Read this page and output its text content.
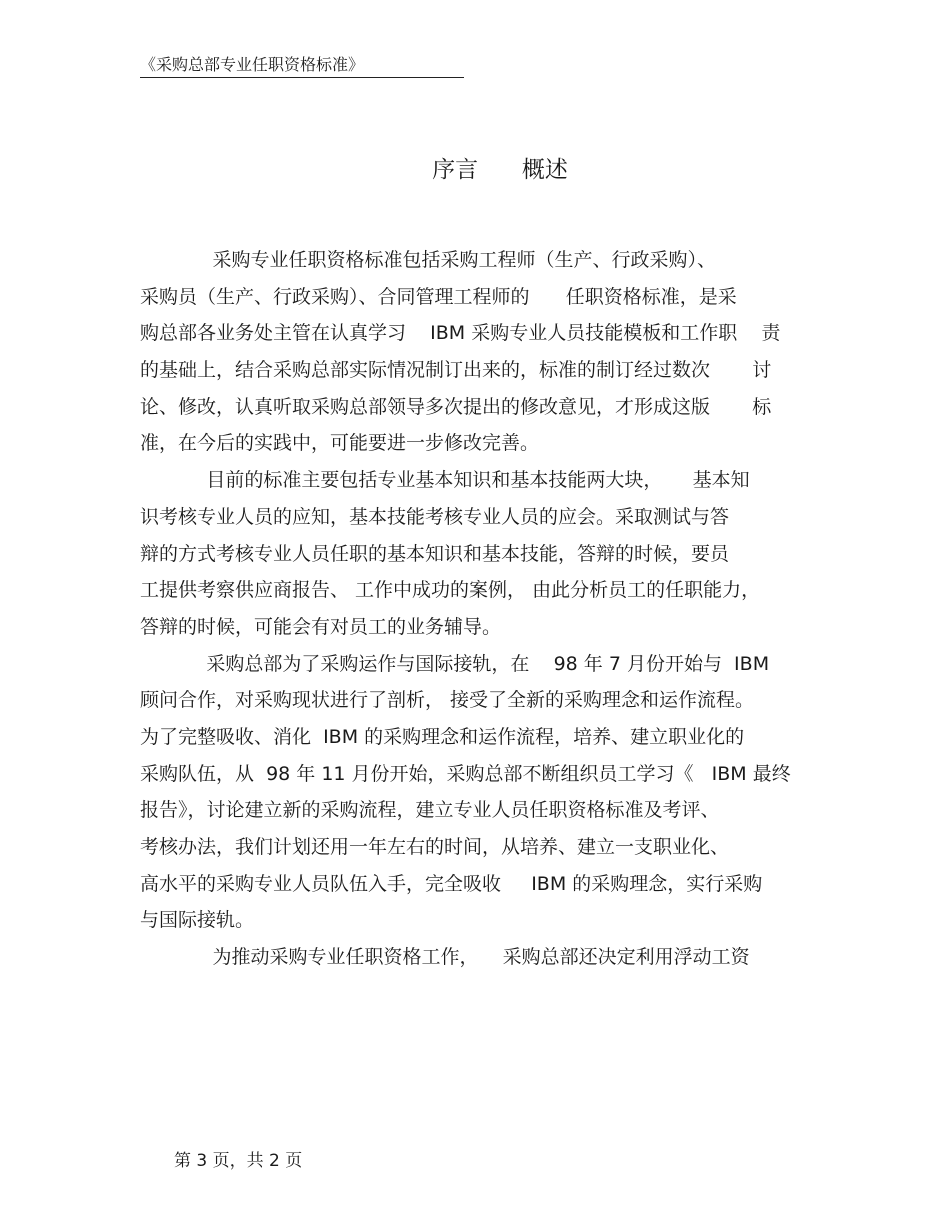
《采购总部专业任职资格标准》
序言      概述
采购专业任职资格标准包括采购工程师（生产、行政采购）、
采购员（生产、行政采购）、合同管理工程师的      任职资格标准，是采
购总部各业务处主管在认真学习    IBM 采购专业人员技能模板和工作职    责
的基础上，结合采购总部实际情况制订出来的，标准的制订经过数次       讨
论、修改，认真听取采购总部领导多次提出的修改意见，才形成这版       标
准，在今后的实践中，可能要进一步修改完善。
目前的标准主要包括专业基本知识和基本技能两大块，     基本知
识考核专业人员的应知，基本技能考核专业人员的应会。采取测试与答
辩的方式考核专业人员任职的基本知识和基本技能，答辩的时候，要员
工提供考察供应商报告、 工作中成功的案例， 由此分析员工的任职能力，
答辩的时候，可能会有对员工的业务辅导。
采购总部为了采购运作与国际接轨，在    98 年 7 月份开始与  IBM
顾问合作，对采购现状进行了剖析， 接受了全新的采购理念和运作流程。
为了完整吸收、消化  IBM 的采购理念和运作流程，培养、建立职业化的
采购队伍，从  98 年 11 月份开始，采购总部不断组织员工学习《   IBM 最终
报告》，讨论建立新的采购流程，建立专业人员任职资格标准及考评、
考核办法，我们计划还用一年左右的时间，从培养、建立一支职业化、
高水平的采购专业人员队伍入手，完全吸收     IBM 的采购理念，实行采购
与国际接轨。
为推动采购专业任职资格工作，    采购总部还决定利用浮动工资
第 3 页，共 2 页
